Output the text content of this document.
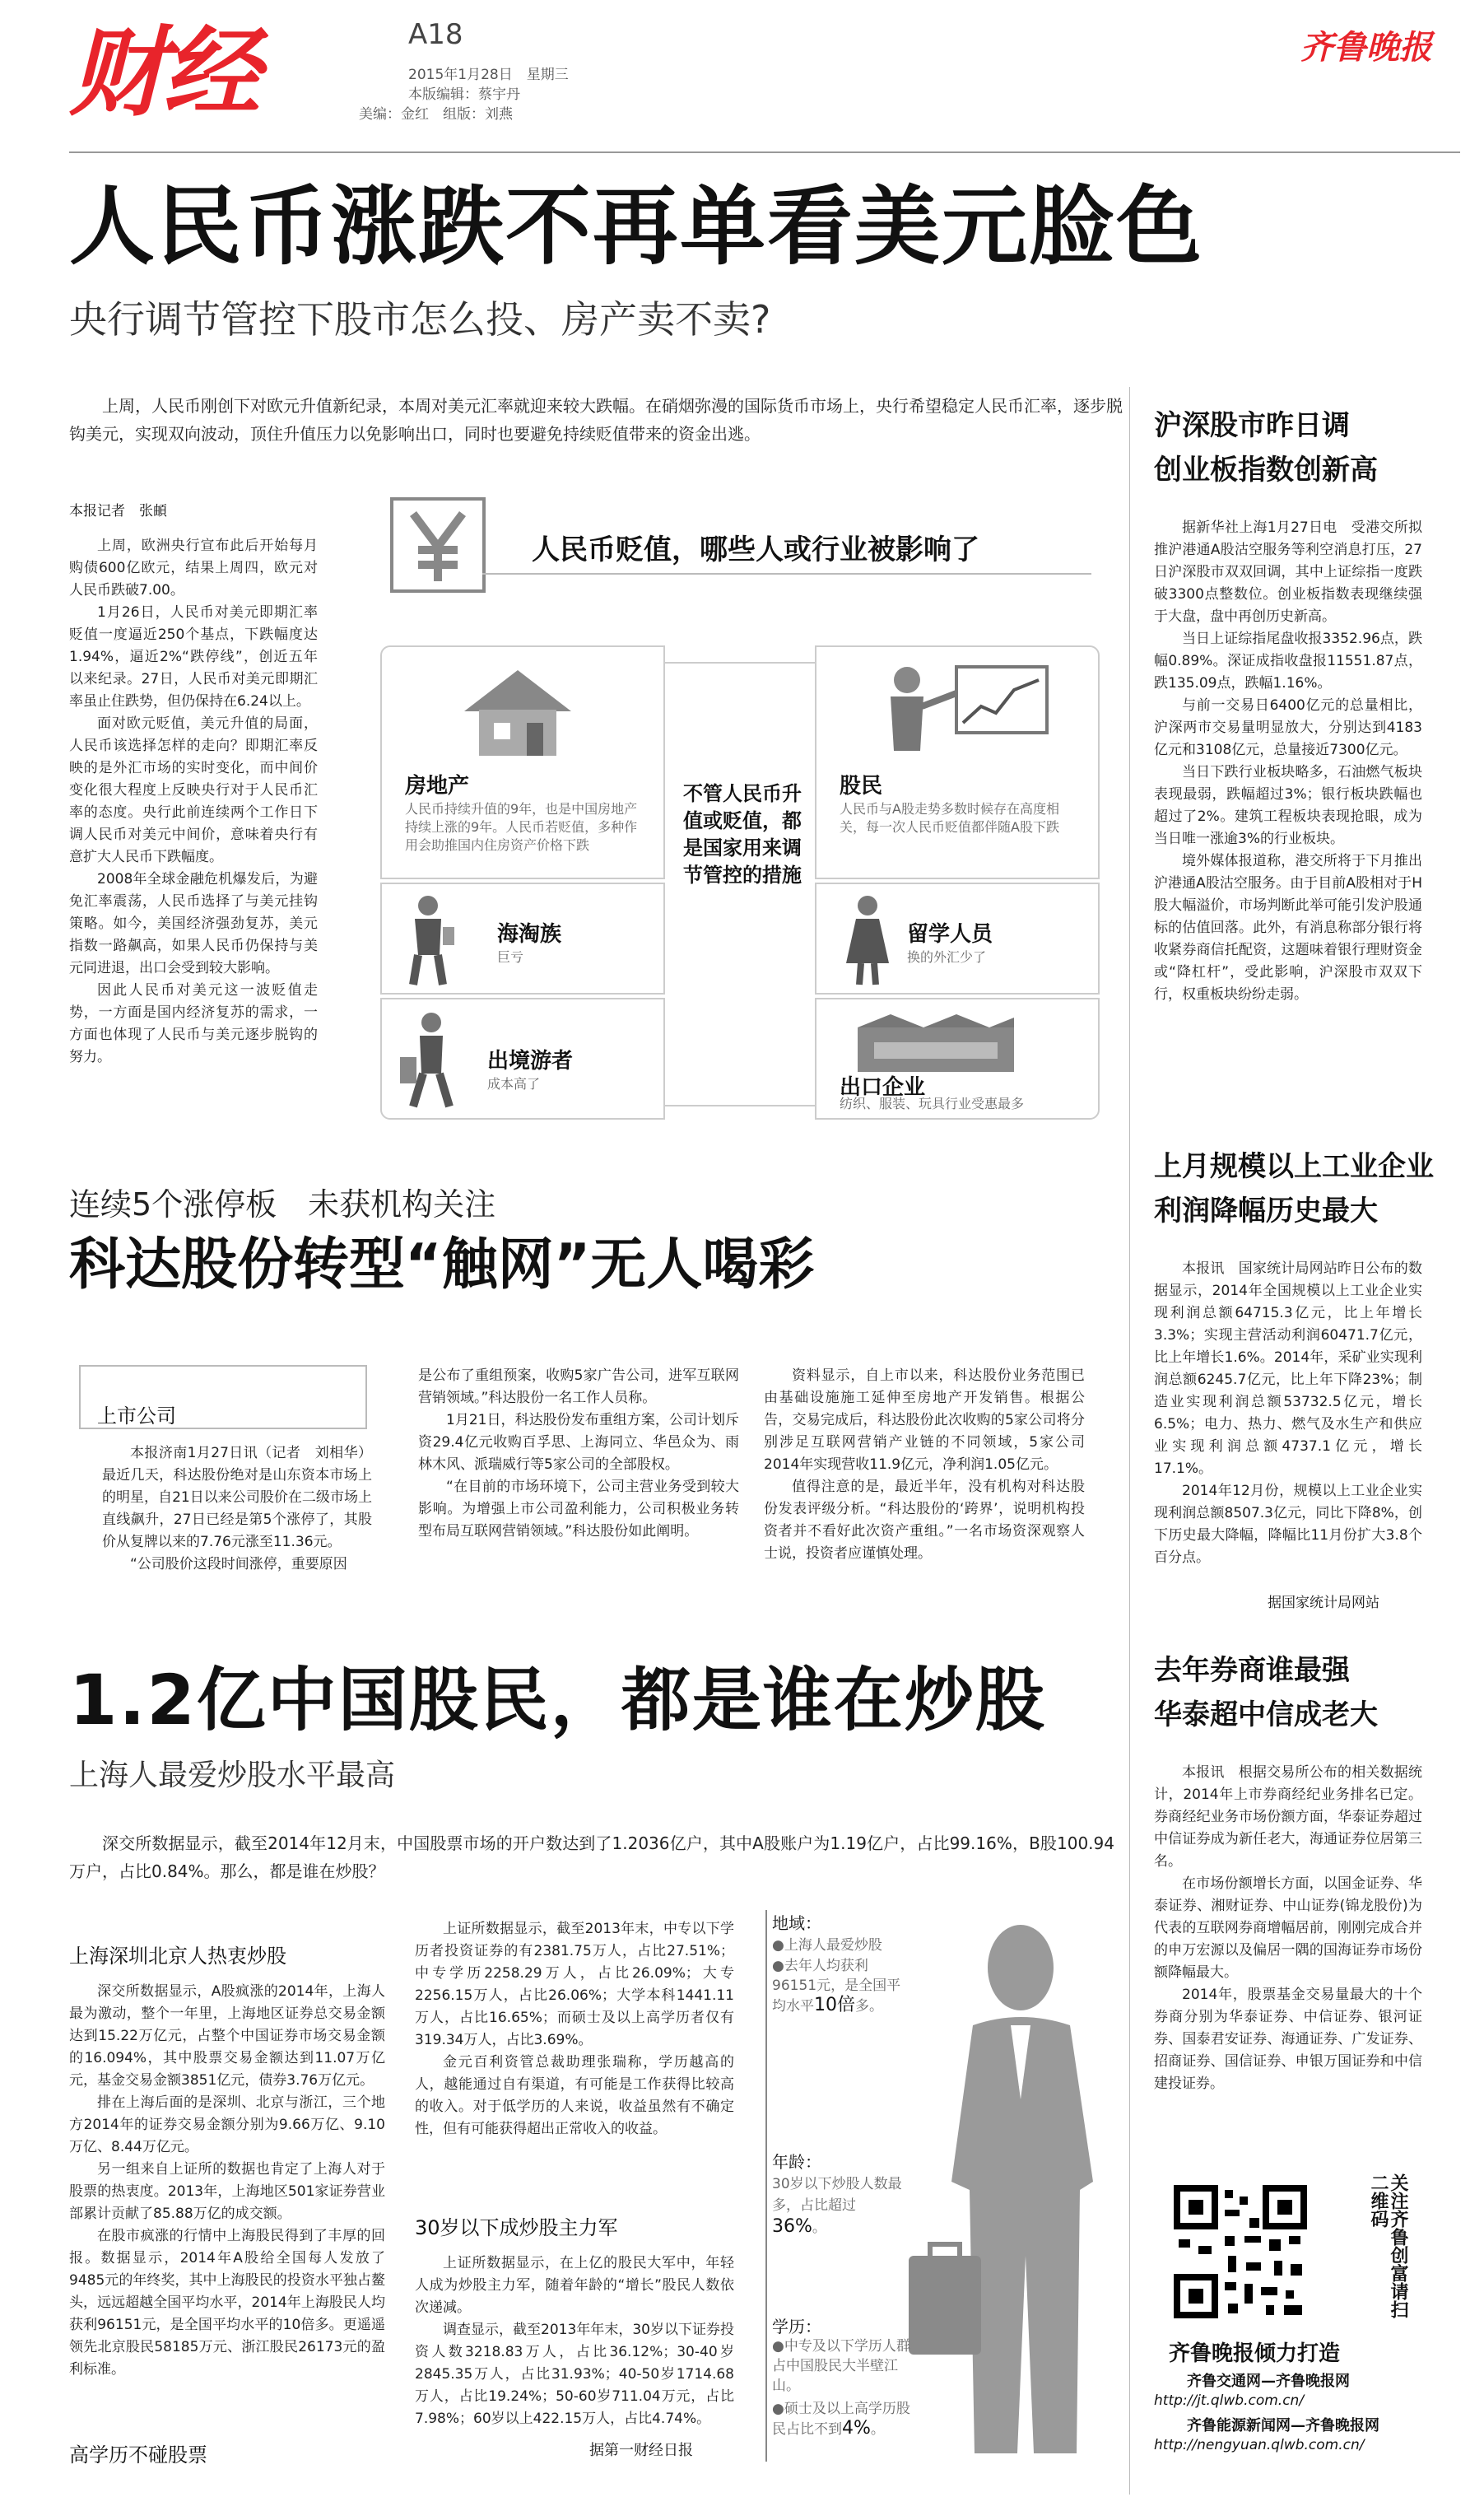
财经	A18
2015年1月28日　星期三
本版编辑：蔡宇丹
美编：金红　组版：刘燕
齐鲁晚报
人民币涨跌不再单看美元脸色
央行调节管控下股市怎么投、房产卖不卖?

上周，人民币刚创下对欧元升值新纪录，本周对美元汇率就迎来较大跌幅。在硝烟弥漫的国际货币市场上，央行希望稳定人民币汇率，逐步脱钩美元，实现双向波动，顶住升值压力以免影响出口，同时也要避免持续贬值带来的资金出逃。

本报记者　张頔

上周，欧洲央行宣布此后开始每月购债600亿欧元，结果上周四，欧元对人民币跌破7.00。

1月26日，人民币对美元即期汇率贬值一度逼近250个基点，下跌幅度达1.94%，逼近2%“跌停线”，创近五年以来纪录。27日，人民币对美元即期汇率虽止住跌势，但仍保持在6.24以上。

面对欧元贬值，美元升值的局面，人民币该选择怎样的走向？即期汇率反映的是外汇市场的实时变化，而中间价变化很大程度上反映央行对于人民币汇率的态度。央行此前连续两个工作日下调人民币对美元中间价，意味着央行有意扩大人民币下跌幅度。

2008年全球金融危机爆发后，为避免汇率震荡，人民币选择了与美元挂钩策略。如今，美国经济强劲复苏，美元指数一路飙高，如果人民币仍保持与美元同进退，出口会受到较大影响。

因此人民币对美元这一波贬值走势，一方面是国内经济复苏的需求，一方面也体现了人民币与美元逐步脱钩的努力。

人民币贬值，哪些人或行业被影响了
房地产
人民币持续升值的9年，也是中国房地产持续上涨的9年。人民币若贬值，多种作用会助推国内住房资产价格下跌
股民
人民币与A股走势多数时候存在高度相关，每一次人民币贬值都伴随A股下跌
不管人民币升值或贬值，都是国家用来调节管控的措施
海淘族
巨亏
留学人员
换的外汇少了
出境游者
成本高了	出口企业
纺织、服装、玩具行业受惠最多
连续5个涨停板　未获机构关注
科达股份转型“触网”无人喝彩
上市公司

本报济南1月27日讯（记者　刘相华）最近几天，科达股份绝对是山东资本市场上的明星，自21日以来公司股价在二级市场上直线飙升，27日已经是第5个涨停了，其股价从复牌以来的7.76元涨至11.36元。

“公司股价这段时间涨停，重要原因

是公布了重组预案，收购5家广告公司，进军互联网营销领域。”科达股份一名工作人员称。

1月21日，科达股份发布重组方案，公司计划斥资29.4亿元收购百孚思、上海同立、华邑众为、雨林木风、派瑞威行等5家公司的全部股权。

“在目前的市场环境下，公司主营业务受到较大影响。为增强上市公司盈利能力，公司积极业务转型布局互联网营销领域。”科达股份如此阐明。

资料显示，自上市以来，科达股份业务范围已由基础设施施工延伸至房地产开发销售。根据公告，交易完成后，科达股份此次收购的5家公司将分别涉足互联网营销产业链的不同领域，5家公司2014年实现营收11.9亿元，净利润1.05亿元。

值得注意的是，最近半年，没有机构对科达股份发表评级分析。“科达股份的‘跨界’，说明机构投资者并不看好此次资产重组。”一名市场资深观察人士说，投资者应谨慎处理。

1.2亿中国股民，都是谁在炒股
上海人最爱炒股水平最高

深交所数据显示，截至2014年12月末，中国股票市场的开户数达到了1.2036亿户，其中A股账户为1.19亿户，占比99.16%，B股100.94万户，占比0.84%。那么，都是谁在炒股？

上海深圳北京人热衷炒股

深交所数据显示，A股疯涨的2014年，上海人最为激动，整个一年里，上海地区证券总交易金额达到15.22万亿元，占整个中国证券市场交易金额的16.094%，其中股票交易金额达到11.07万亿元，基金交易金额3851亿元，债券3.76万亿元。

排在上海后面的是深圳、北京与浙江，三个地方2014年的证券交易金额分别为9.66万亿、9.10万亿、8.44万亿元。

另一组来自上证所的数据也肯定了上海人对于股票的热衷度。2013年，上海地区501家证券营业部累计贡献了85.88万亿的成交额。

在股市疯涨的行情中上海股民得到了丰厚的回报。数据显示，2014年A股给全国每人发放了9485元的年终奖，其中上海股民的投资水平独占鳌头，远远超越全国平均水平，2014年上海股民人均获利96151元，是全国平均水平的10倍多。更遥遥领先北京股民58185万元、浙江股民26173元的盈利标准。

高学历不碰股票

上证所数据显示，截至2013年末，中专以下学历者投资证券的有2381.75万人，占比27.51%；中专学历2258.29万人，占比26.09%；大专2256.15万人，占比26.06%；大学本科1441.11万人，占比16.65%；而硕士及以上高学历者仅有319.34万人，占比3.69%。

金元百利资管总裁助理张瑞称，学历越高的人，越能通过自有渠道，有可能是工作获得比较高的收入。对于低学历的人来说，收益虽然有不确定性，但有可能获得超出正常收入的收益。

30岁以下成炒股主力军

上证所数据显示，在上亿的股民大军中，年轻人成为炒股主力军，随着年龄的“增长”股民人数依次递减。

调查显示，截至2013年年末，30岁以下证券投资人数3218.83万人，占比36.12%；30-40岁2845.35万人，占比31.93%；40-50岁1714.68万人，占比19.24%；50-60岁711.04万元，占比7.98%；60岁以上422.15万人，占比4.74%。

据第一财经日报
地域：
●上海人最爱炒股
●去年人均获利96151元，是全国平均水平10倍多。
年龄：
30岁以下炒股人数最多，占比超过36%。
学历：
●中专及以下学历人群占中国股民大半壁江山。
●硕士及以上高学历股民占比不到4%。
沪深股市昨日调
创业板指数创新高

据新华社上海1月27日电　受港交所拟推沪港通A股沽空服务等利空消息打压，27日沪深股市双双回调，其中上证综指一度跌破3300点整数位。创业板指数表现继续强于大盘，盘中再创历史新高。

当日上证综指尾盘收报3352.96点，跌幅0.89%。深证成指收盘报11551.87点，跌135.09点，跌幅1.16%。

与前一交易日6400亿元的总量相比，沪深两市交易量明显放大，分别达到4183亿元和3108亿元，总量接近7300亿元。

当日下跌行业板块略多，石油燃气板块表现最弱，跌幅超过3%；银行板块跌幅也超过了2%。建筑工程板块表现抢眼，成为当日唯一涨逾3%的行业板块。

境外媒体报道称，港交所将于下月推出沪港通A股沽空服务。由于目前A股相对于H股大幅溢价，市场判断此举可能引发沪股通标的估值回落。此外，有消息称部分银行将收紧券商信托配资，这题味着银行理财资金或“降杠杆”，受此影响，沪深股市双双下行，权重板块纷纷走弱。

上月规模以上工业企业
利润降幅历史最大

本报讯　国家统计局网站昨日公布的数据显示，2014年全国规模以上工业企业实现利润总额64715.3亿元，比上年增长3.3%；实现主营活动利润60471.7亿元，比上年增长1.6%。2014年，采矿业实现利润总额6245.7亿元，比上年下降23%；制造业实现利润总额53732.5亿元，增长6.5%；电力、热力、燃气及水生产和供应业实现利润总额4737.1亿元，增长17.1%。

2014年12月份，规模以上工业企业实现利润总额8507.3亿元，同比下降8%，创下历史最大降幅，降幅比11月份扩大3.8个百分点。

据国家统计局网站
去年券商谁最强
华泰超中信成老大

本报讯　根据交易所公布的相关数据统计，2014年上市券商经纪业务排名已定。券商经纪业务市场份额方面，华泰证券超过中信证券成为新任老大，海通证券位居第三名。

在市场份额增长方面，以国金证券、华泰证券、湘财证券、中山证券(锦龙股份)为代表的互联网券商增幅居前，刚刚完成合并的申万宏源以及偏居一隅的国海证券市场份额降幅最大。

2014年，股票基金交易量最大的十个券商分别为华泰证券、中信证券、银河证券、国泰君安证券、海通证券、广发证券、招商证券、国信证券、申银万国证券和中信建投证券。

关注齐鲁创富请扫二维码
齐鲁晚报倾力打造
齐鲁交通网—齐鲁晚报网
http://jt.qlwb.com.cn/
齐鲁能源新闻网—齐鲁晚报网
http://nengyuan.qlwb.com.cn/
